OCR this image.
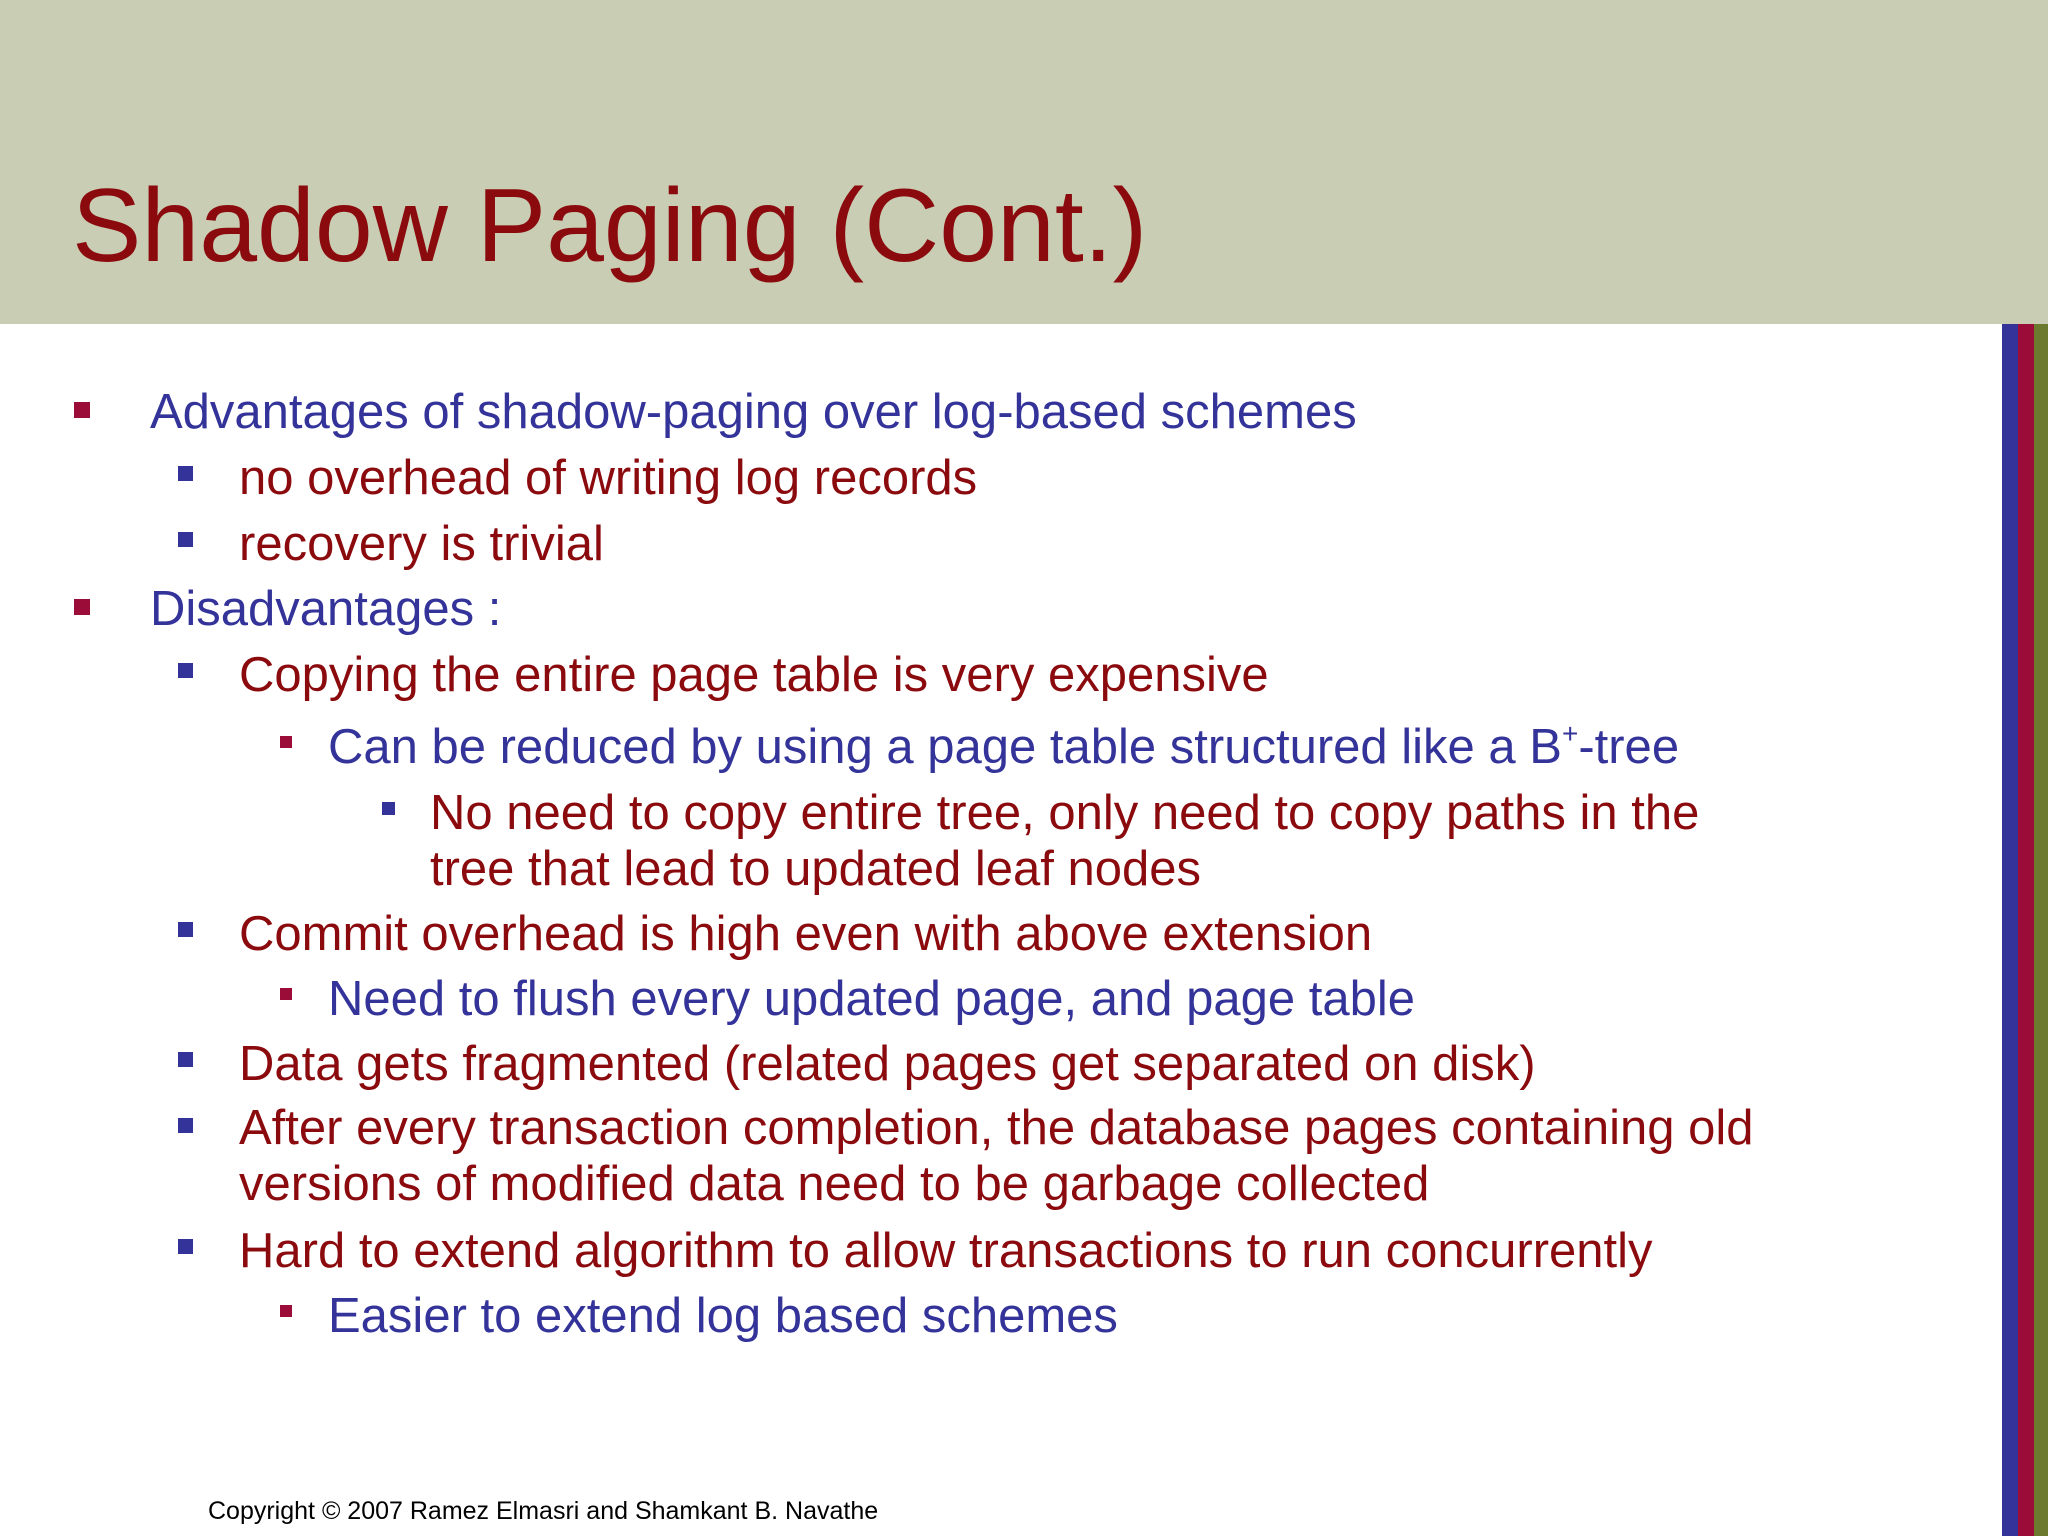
Shadow Paging (Cont.)
Advantages of shadow-paging over log-based schemes
no overhead of writing log records
recovery is trivial
Disadvantages :
Copying the entire page table is very expensive
Can be reduced by using a page table structured like a B+-tree
No need to copy entire tree, only need to copy paths in the
tree that lead to updated leaf nodes
Commit overhead is high even with above extension
Need to flush every updated page, and page table
Data gets fragmented (related pages get separated on disk)
After every transaction completion, the database pages containing old
versions of modified data need to be garbage collected
Hard to extend algorithm to allow transactions to run concurrently
Easier to extend log based schemes
Copyright © 2007 Ramez Elmasri and Shamkant B. Navathe
